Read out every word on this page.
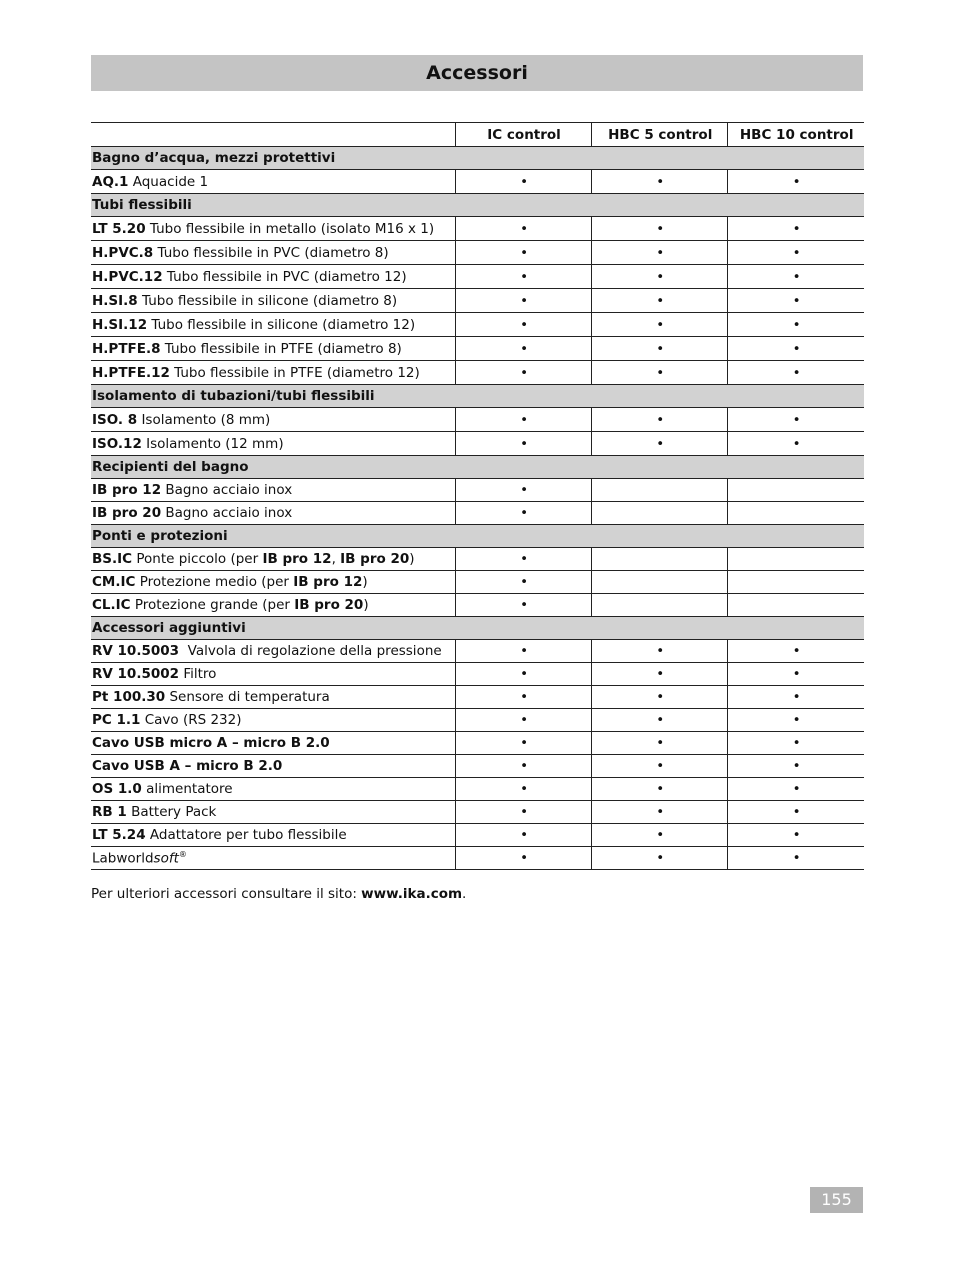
Accessori
	IC control	HBC 5 control	HBC 10 control
Bagno d’acqua, mezzi protettivi			
AQ.1 Aquacide 1	•	•	•
Tubi flessibili			
LT 5.20 Tubo flessibile in metallo (isolato M16 x 1)	•	•	•
H.PVC.8 Tubo flessibile in PVC (diametro 8)	•	•	•
H.PVC.12 Tubo flessibile in PVC (diametro 12)	•	•	•
H.SI.8 Tubo flessibile in silicone (diametro 8)	•	•	•
H.SI.12 Tubo flessibile in silicone (diametro 12)	•	•	•
H.PTFE.8 Tubo flessibile in PTFE (diametro 8)	•	•	•
H.PTFE.12 Tubo flessibile in PTFE (diametro 12)	•	•	•
Isolamento di tubazioni/tubi flessibili			
ISO. 8 Isolamento (8 mm)	•	•	•
ISO.12 Isolamento (12 mm)	•	•	•
Recipienti del bagno			
IB pro 12 Bagno acciaio inox	•		
IB pro 20 Bagno acciaio inox	•		
Ponti e protezioni			
BS.IC Ponte piccolo (per IB pro 12, IB pro 20)	•		
CM.IC Protezione medio (per IB pro 12)	•		
CL.IC Protezione grande (per IB pro 20)	•		
Accessori aggiuntivi			
RV 10.5003  Valvola di regolazione della pressione	•	•	•
RV 10.5002 Filtro	•	•	•
Pt 100.30 Sensore di temperatura	•	•	•
PC 1.1 Cavo (RS 232)	•	•	•
Cavo USB micro A – micro B 2.0	•	•	•
Cavo USB A – micro B 2.0	•	•	•
OS 1.0 alimentatore	•	•	•
RB 1 Battery Pack	•	•	•
LT 5.24 Adattatore per tubo flessibile	•	•	•
Labworldsoft®	•	•	•
Per ulteriori accessori consultare il sito: www.ika.com.
155
